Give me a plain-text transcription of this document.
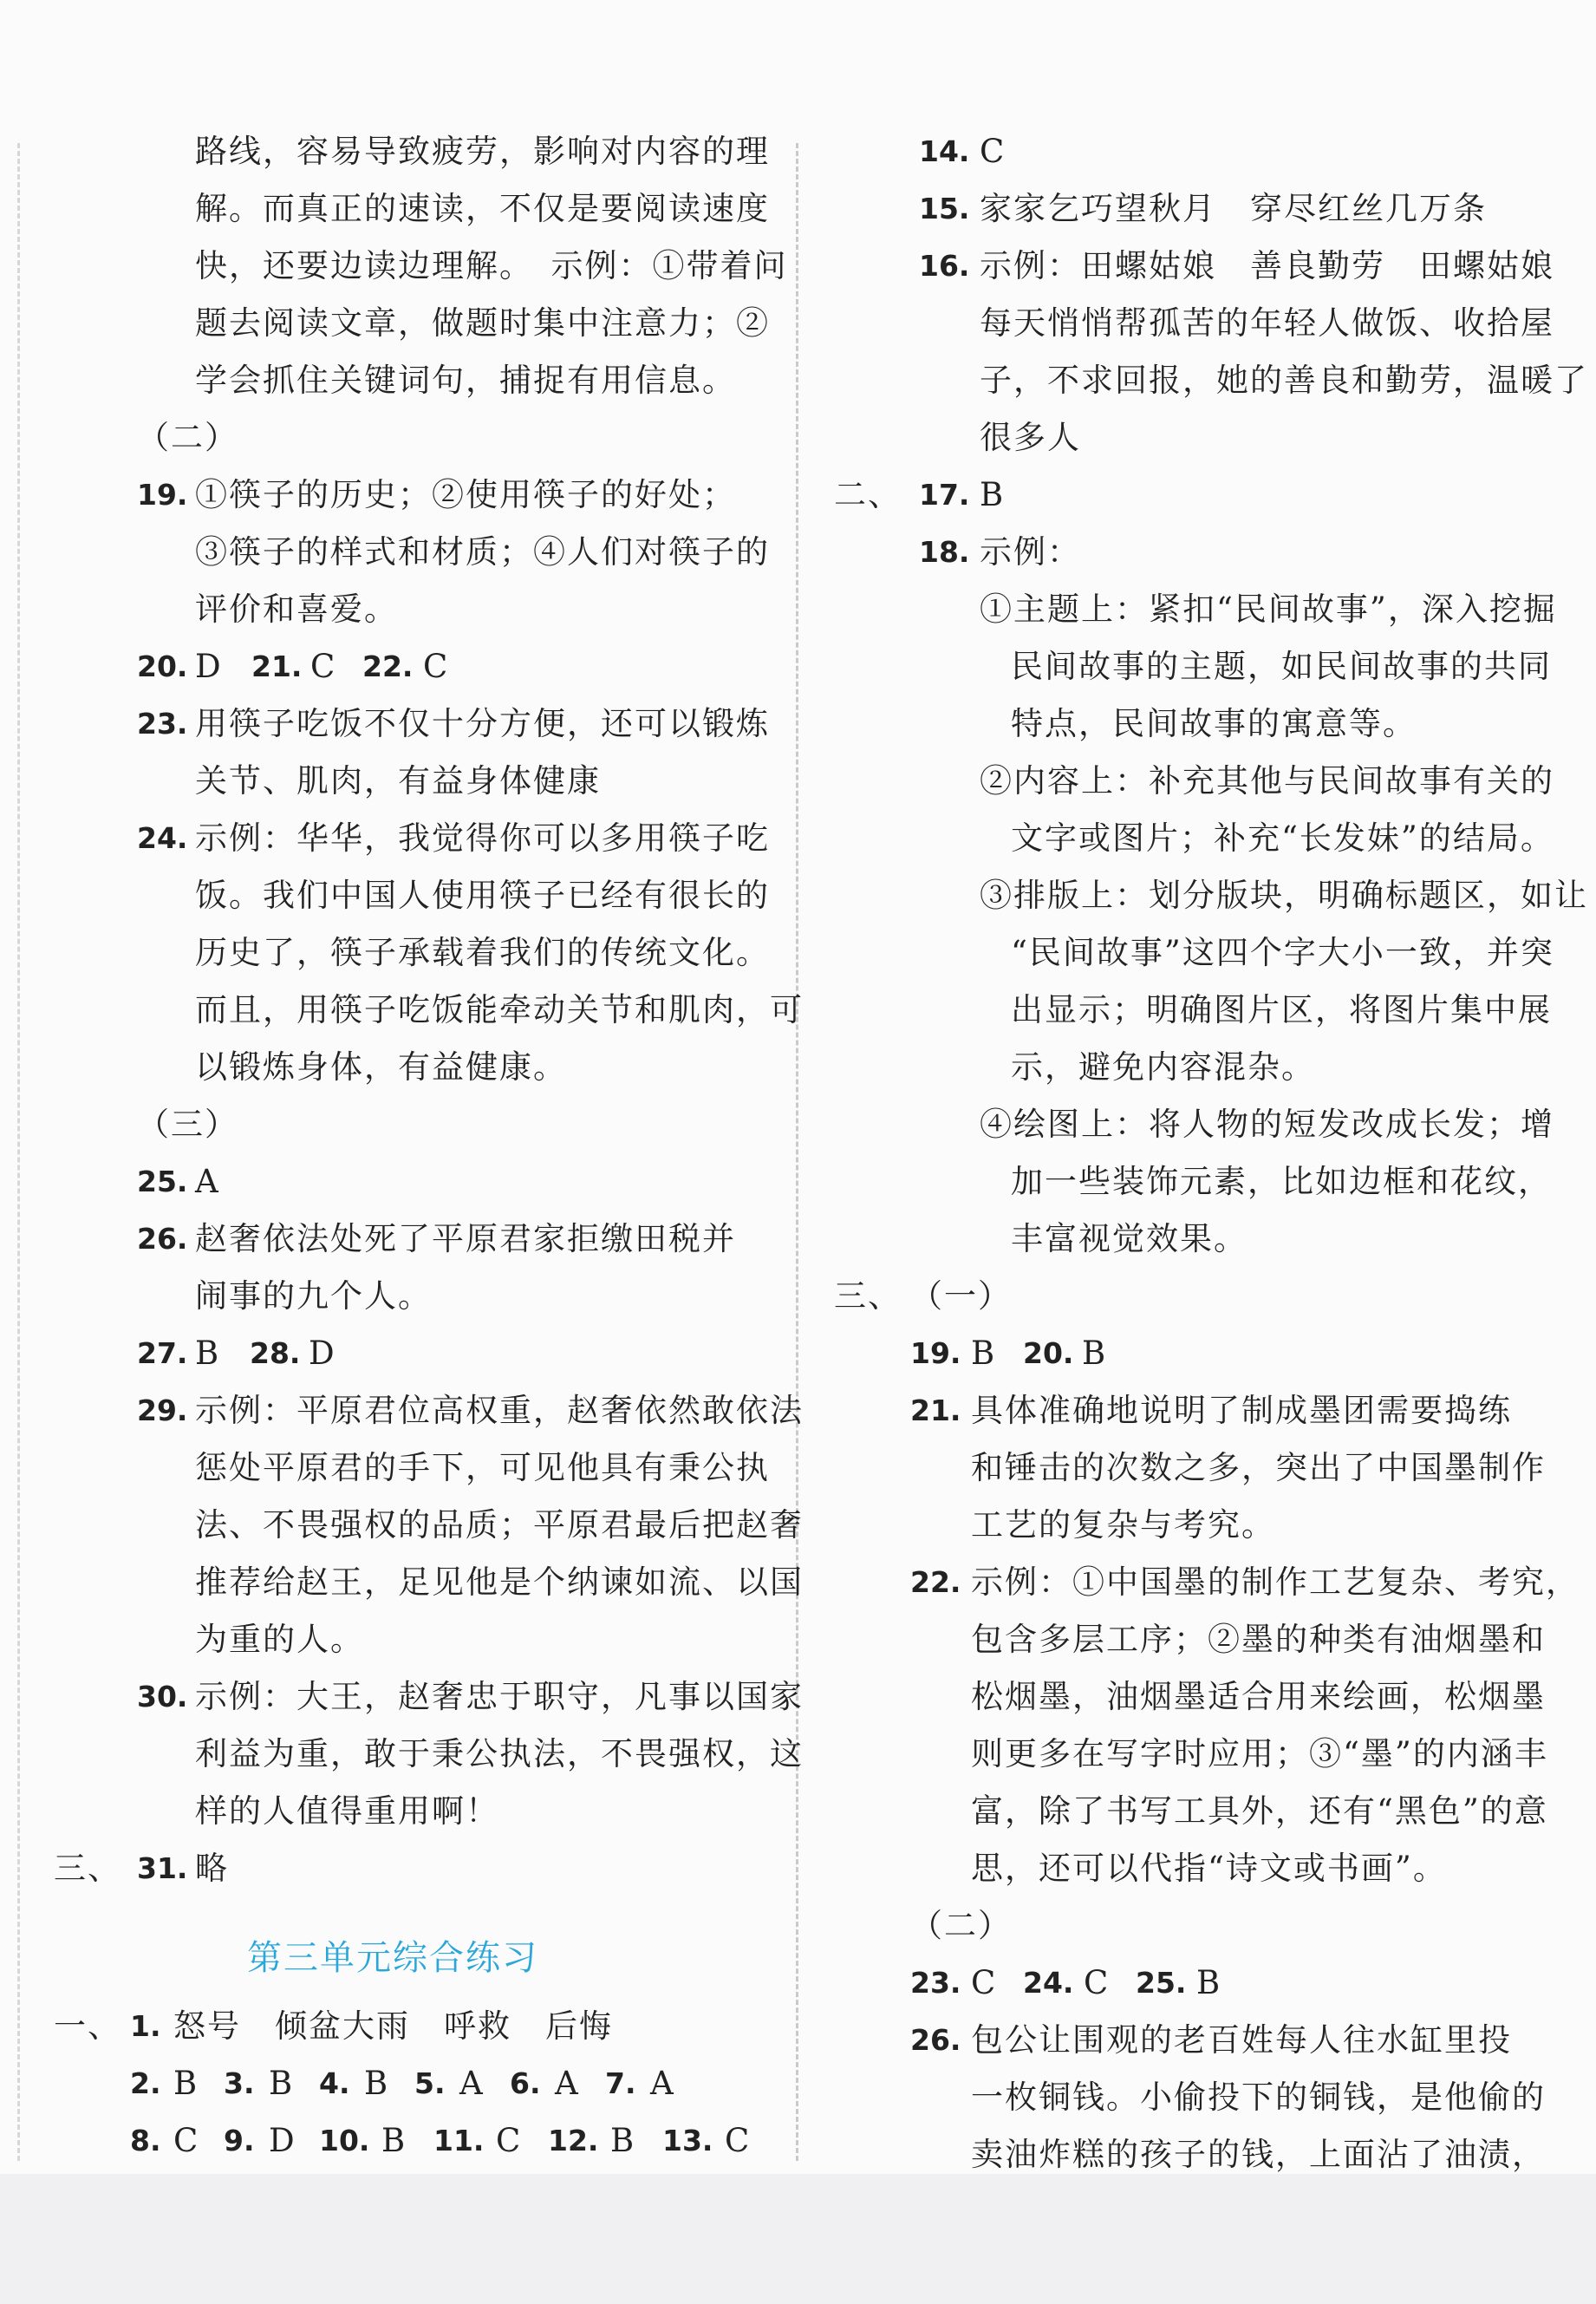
路线，容易导致疲劳，影响对内容的理
解。而真正的速读，不仅是要阅读速度
快，还要边读边理解。　示例：①带着问
题去阅读文章，做题时集中注意力；②
学会抓住关键词句，捕捉有用信息。
（二）
19. ①筷子的历史；②使用筷子的好处；
③筷子的样式和材质；④人们对筷子的
评价和喜爱。
20. D 21. C 22. C
23. 用筷子吃饭不仅十分方便，还可以锻炼
关节、肌肉，有益身体健康
24. 示例：华华，我觉得你可以多用筷子吃
饭。我们中国人使用筷子已经有很长的
历史了，筷子承载着我们的传统文化。
而且，用筷子吃饭能牵动关节和肌肉，可
以锻炼身体，有益健康。
（三）
25. A
26. 赵奢依法处死了平原君家拒缴田税并
闹事的九个人。
27. B 28. D
29. 示例：平原君位高权重，赵奢依然敢依法
惩处平原君的手下，可见他具有秉公执
法、不畏强权的品质；平原君最后把赵奢
推荐给赵王，足见他是个纳谏如流、以国
为重的人。
30. 示例：大王，赵奢忠于职守，凡事以国家
利益为重，敢于秉公执法，不畏强权，这
样的人值得重用啊！
三、 31. 略
第三单元综合练习
一、 1. 怒号　倾盆大雨　呼救　后悔
2. B 3. B 4. B 5. A 6. A 7. A
8. C 9. D 10. B 11. C 12. B 13. C
14. C
15. 家家乞巧望秋月　穿尽红丝几万条
16. 示例：田螺姑娘　善良勤劳　田螺姑娘
每天悄悄帮孤苦的年轻人做饭、收拾屋
子，不求回报，她的善良和勤劳，温暖了
很多人
二、 17. B
18. 示例：
①主题上：紧扣“民间故事”，深入挖掘
民间故事的主题，如民间故事的共同
特点，民间故事的寓意等。
②内容上：补充其他与民间故事有关的
文字或图片；补充“长发妹”的结局。
③排版上：划分版块，明确标题区，如让
“民间故事”这四个字大小一致，并突
出显示；明确图片区，将图片集中展
示，避免内容混杂。
④绘图上：将人物的短发改成长发；增
加一些装饰元素，比如边框和花纹，
丰富视觉效果。
三、 （一）
19. B 20. B
21. 具体准确地说明了制成墨团需要捣练
和锤击的次数之多，突出了中国墨制作
工艺的复杂与考究。
22. 示例：①中国墨的制作工艺复杂、考究，
包含多层工序；②墨的种类有油烟墨和
松烟墨，油烟墨适合用来绘画，松烟墨
则更多在写字时应用；③“墨”的内涵丰
富，除了书写工具外，还有“黑色”的意
思，还可以代指“诗文或书画”。
（二）
23. C 24. C 25. B
26. 包公让围观的老百姓每人往水缸里投
一枚铜钱。小偷投下的铜钱，是他偷的
卖油炸糕的孩子的钱，上面沾了油渍，
